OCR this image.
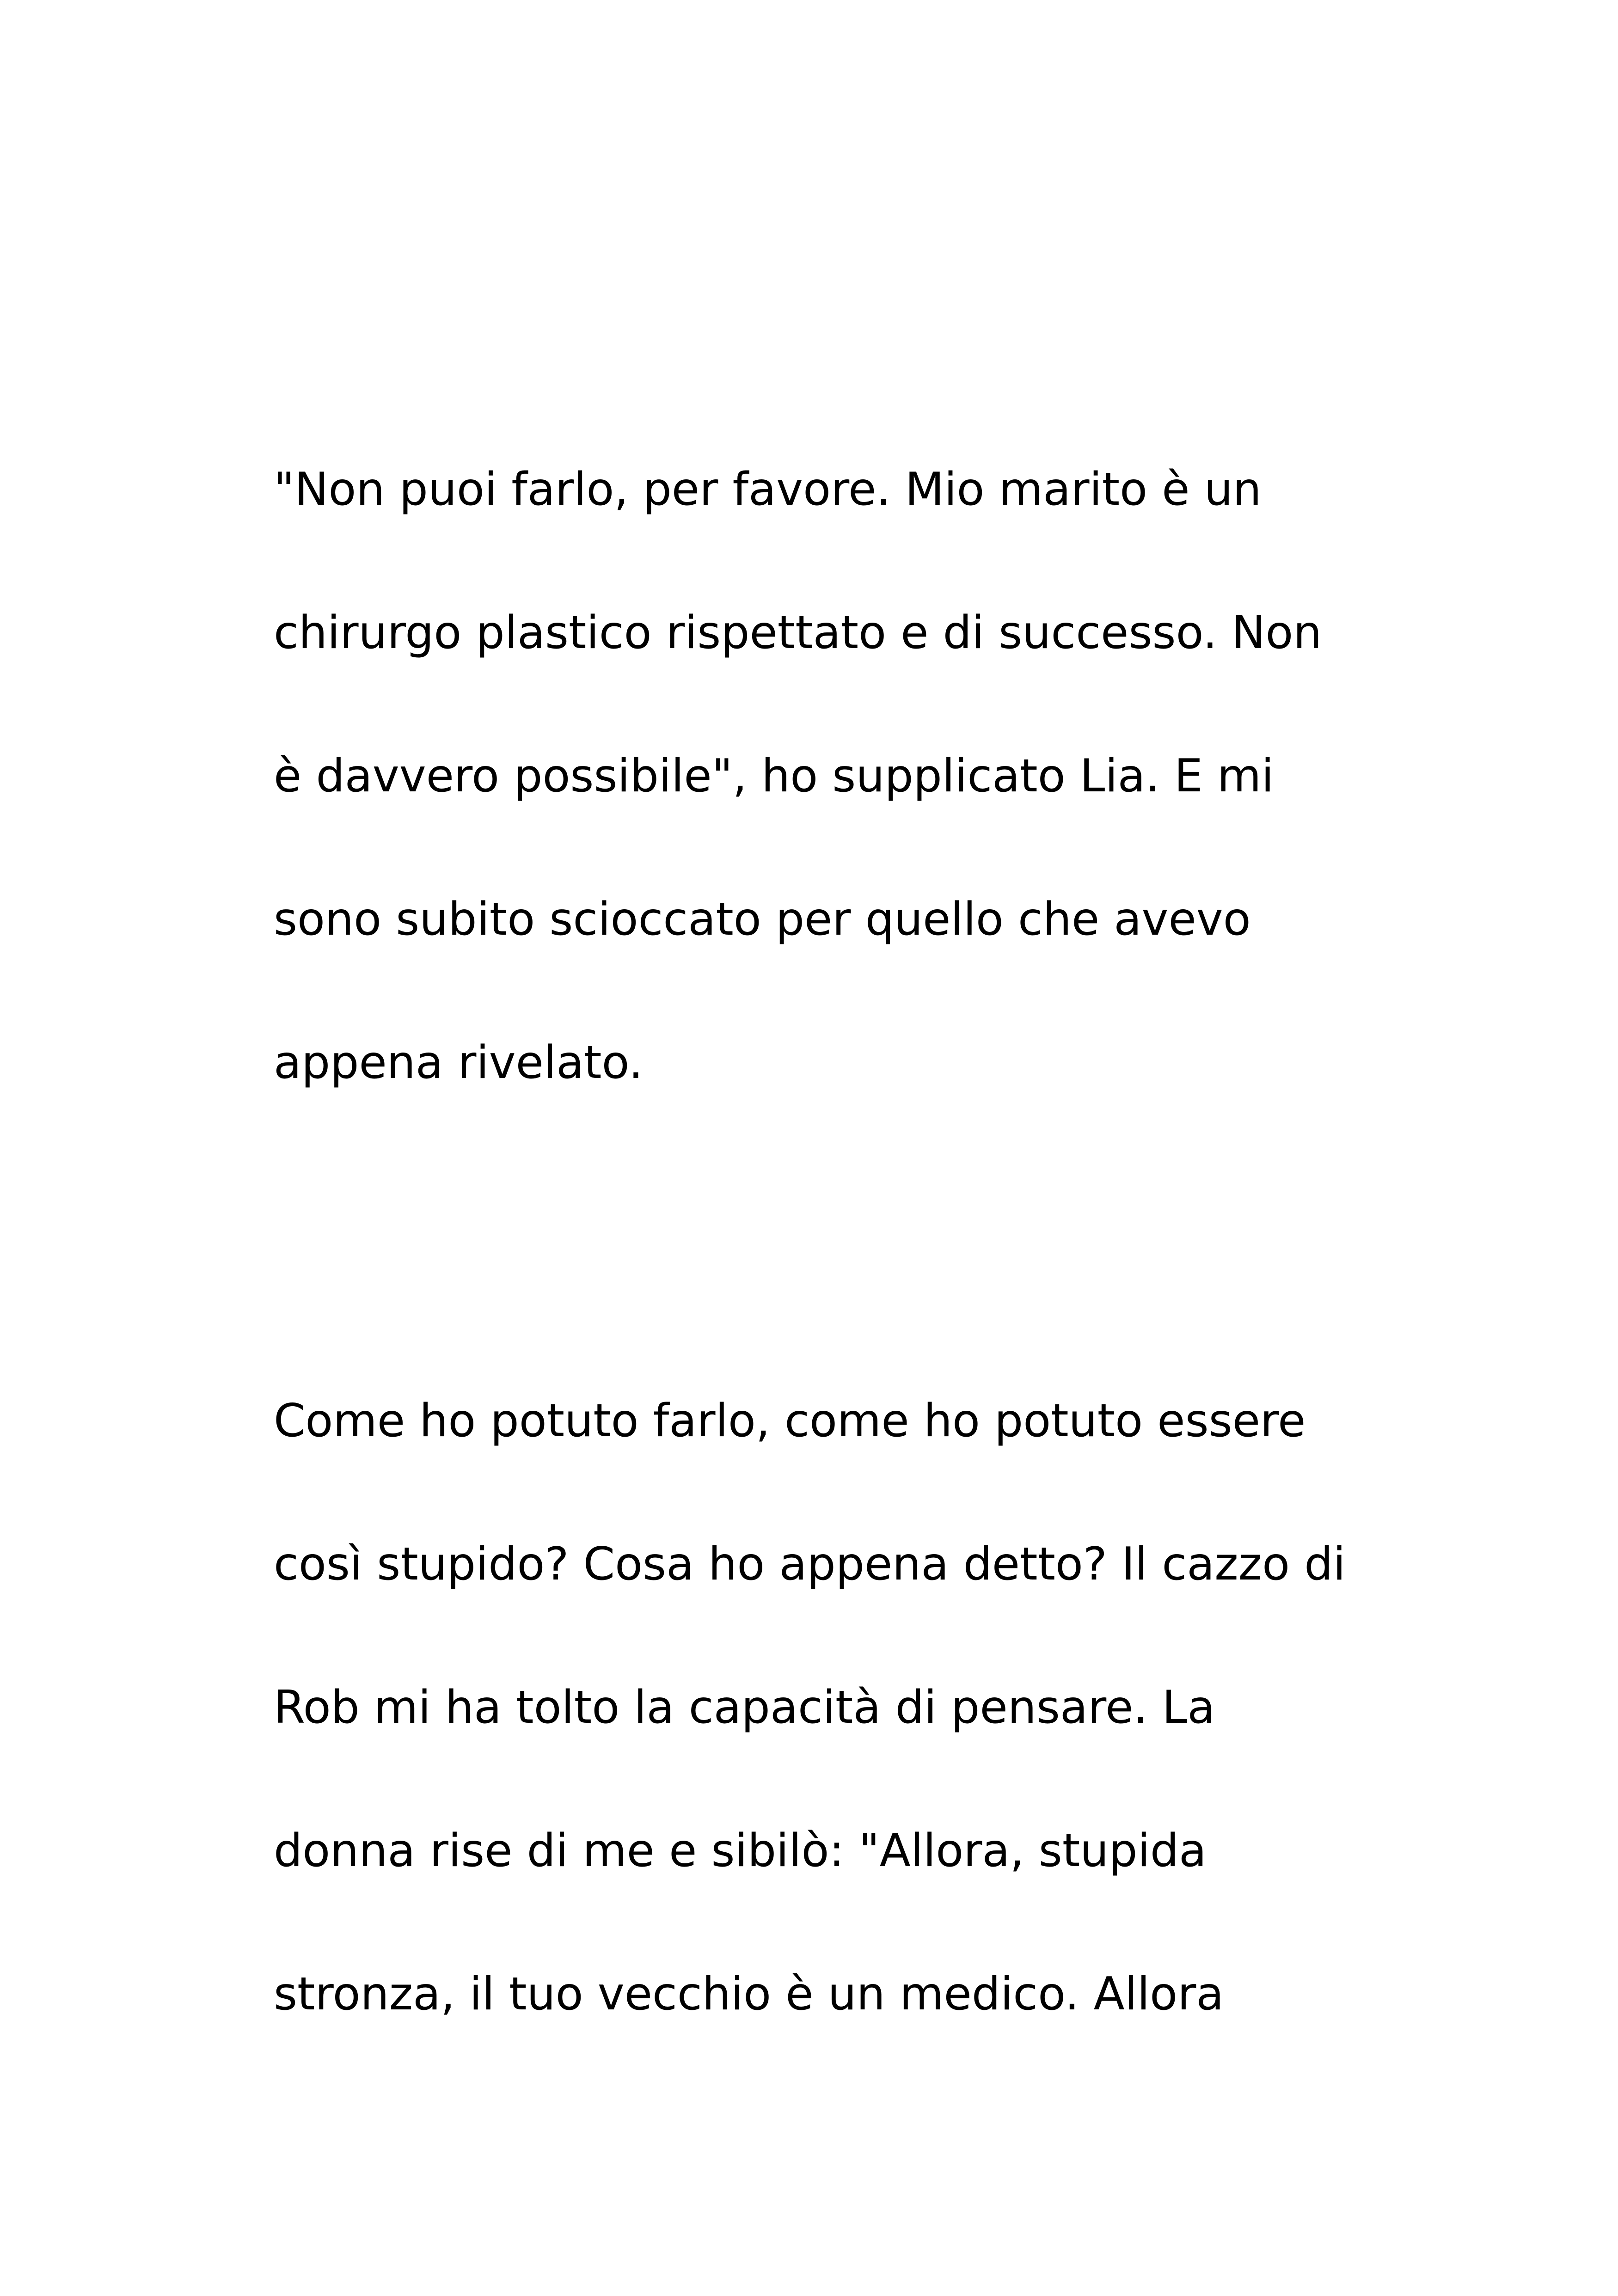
"Non puoi farlo, per favore. Mio marito è un

chirurgo plastico rispettato e di successo. Non

è davvero possibile", ho supplicato Lia. E mi

sono subito scioccato per quello che avevo

appena rivelato.

Come ho potuto farlo, come ho potuto essere

così stupido? Cosa ho appena detto? Il cazzo di

Rob mi ha tolto la capacità di pensare. La

donna rise di me e sibilò: "Allora, stupida

stronza, il tuo vecchio è un medico. Allora
